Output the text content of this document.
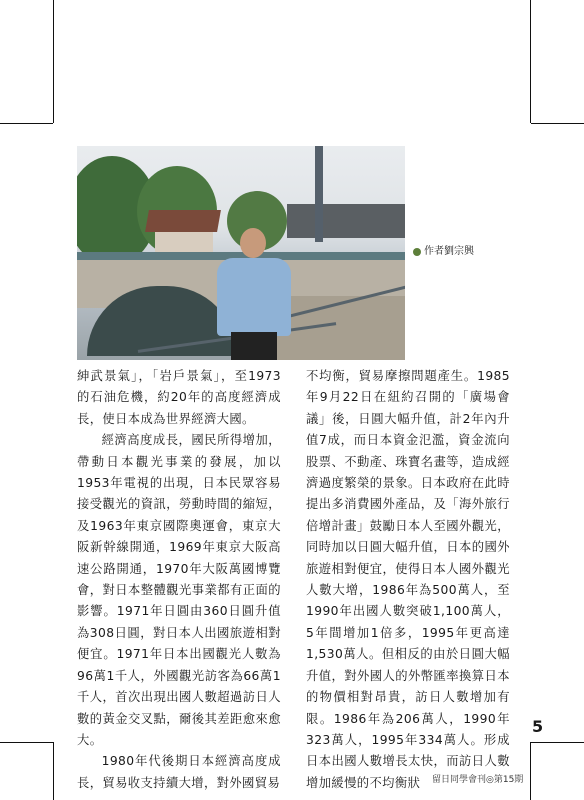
作者劉宗興

紳武景氣」，「岩戶景氣」，至1973的石油危機，約20年的高度經濟成長，使日本成為世界經濟大國。

經濟高度成長，國民所得增加，帶動日本觀光事業的發展，加以1953年電視的出現，日本民眾容易接受觀光的資訊，勞動時間的縮短，及1963年東京國際奧運會，東京大阪新幹線開通，1969年東京大阪高速公路開通，1970年大阪萬國博覽會，對日本整體觀光事業都有正面的影響。1971年日圓由360日圓升值為308日圓，對日本人出國旅遊相對便宜。1971年日本出國觀光人數為96萬1千人，外國觀光訪客為66萬1千人，首次出現出國人數超過訪日人數的黃金交叉點，爾後其差距愈來愈大。

1980年代後期日本經濟高度成長，貿易收支持續大增，對外國貿易

不均衡，貿易摩擦問題產生。1985年9月22日在紐約召開的「廣場會議」後，日圓大幅升值，計2年內升值7成，而日本資金氾濫，資金流向股票、不動產、珠寶名畫等，造成經濟過度繁榮的景象。日本政府在此時提出多消費國外產品，及「海外旅行倍增計畫」鼓勵日本人至國外觀光，同時加以日圓大幅升值，日本的國外旅遊相對便宜，使得日本人國外觀光人數大增，1986年為500萬人，至1990年出國人數突破1,100萬人，5年間增加1倍多，1995年更高達1,530萬人。但相反的由於日圓大幅升值，對外國人的外幣匯率換算日本的物價相對昂貴，訪日人數增加有限。1986年為206萬人，1990年323萬人，1995年334萬人。形成日本出國人數增長太快，而訪日人數增加緩慢的不均衡狀

5
留日同學會刊◎第15期
